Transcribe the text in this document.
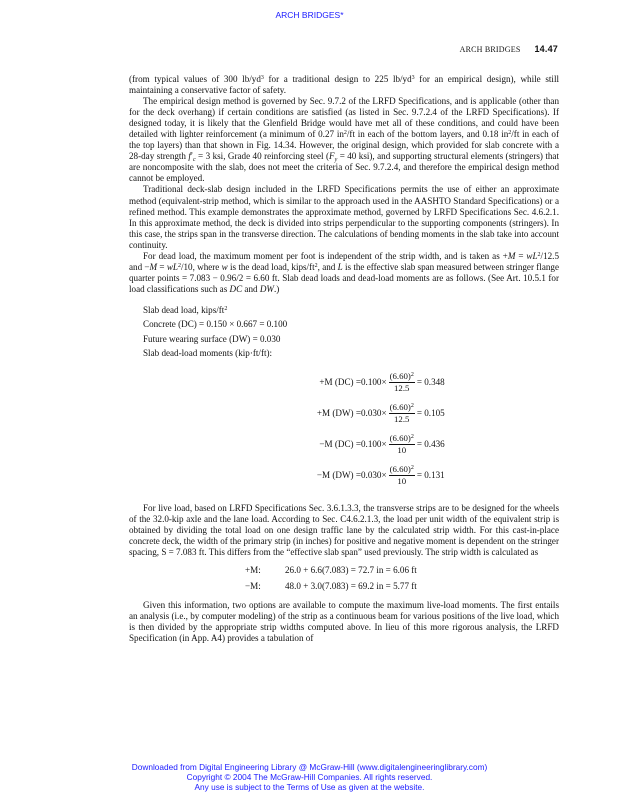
ARCH BRIDGES*
ARCH BRIDGES 14.47

(from typical values of 300 $lb/yd^3$ for a traditional design to 225 $lb/yd^3$ for an empirical design), while still maintaining a conservative factor of safety.

The empirical design method is governed by Sec. 9.7.2 of the LRFD Specifications, and is applicable (other than for the deck overhang) if certain conditions are satisfied (as listed in Sec. 9.7.2.4 of the LRFD Specifications). If designed today, it is likely that the Glenfield Bridge would have met all of these conditions, and could have been detailed with lighter reinforcement (a minimum of 0.27 $in^2/ft$ in each of the bottom layers, and 0.18 $in^2/ft$ in each of the top layers) than that shown in Fig. 14.34. However, the original design, which provided for slab concrete with a 28-day strength $f'_c = 3$ ksi, Grade 40 reinforcing steel ($F_y = 40$ ksi), and supporting structural elements (stringers) that are noncomposite with the slab, does not meet the criteria of Sec. 9.7.2.4, and therefore the empirical design method cannot be employed.

Traditional deck-slab design included in the LRFD Specifications permits the use of either an approximate method (equivalent-strip method, which is similar to the approach used in the AASHTO Standard Specifications) or a refined method. This example demonstrates the approximate method, governed by LRFD Specifications Sec. 4.6.2.1. In this approximate method, the deck is divided into strips perpendicular to the supporting components (stringers). In this case, the strips span in the transverse direction. The calculations of bending moments in the slab take into account continuity.

For dead load, the maximum moment per foot is independent of the strip width, and is taken as $+M = wL^2/12.5$ and $-M = wL^2/10$, where w is the dead load, kips/$ft^2$, and L is the effective slab span measured between stringer flange quarter points = 7.083 − 0.96/2 = 6.60 ft. Slab dead loads and dead-load moments are as follows. (See Art. 10.5.1 for load classifications such as DC and DW.)

Slab dead load, kips/$ft^2$
Concrete (DC) = 0.150 × 0.667 = 0.100
Future wearing surface (DW) = 0.030
Slab dead-load moments (kip·ft/ft):
+M $(DC) = 0.100\times \frac{(6.60)^2}{12.5} = 0.348$
+M $(DW) = 0.030\times \frac{(6.60)^2}{12.5} = 0.105$
−M $(DC) = 0.100\times \frac{(6.60)^2}{10} = 0.436$
−M $(DW) = 0.030\times \frac{(6.60)^2}{10} = 0.131$

For live load, based on LRFD Specifications Sec. 3.6.1.3.3, the transverse strips are to be designed for the wheels of the 32.0-kip axle and the lane load. According to Sec. C4.6.2.1.3, the load per unit width of the equivalent strip is obtained by dividing the total load on one design traffic lane by the calculated strip width. For this cast-in-place concrete deck, the width of the primary strip (in inches) for positive and negative moment is dependent on the stringer spacing, S = 7.083 ft. This differs from the “effective slab span” used previously. The strip width is calculated as

+M:	26.0 + 6.6(7.083) = 72.7 in = 6.06 ft
−M:	48.0 + 3.0(7.083) = 69.2 in = 5.77 ft

Given this information, two options are available to compute the maximum live-load moments. The first entails an analysis (i.e., by computer modeling) of the strip as a continuous beam for various positions of the live load, which is then divided by the appropriate strip widths computed above. In lieu of this more rigorous analysis, the LRFD Specification (in App. A4) provides a tabulation of

Downloaded from Digital Engineering Library @ McGraw-Hill (www.digitalengineeringlibrary.com)
Copyright © 2004 The McGraw-Hill Companies. All rights reserved.
Any use is subject to the Terms of Use as given at the website.
